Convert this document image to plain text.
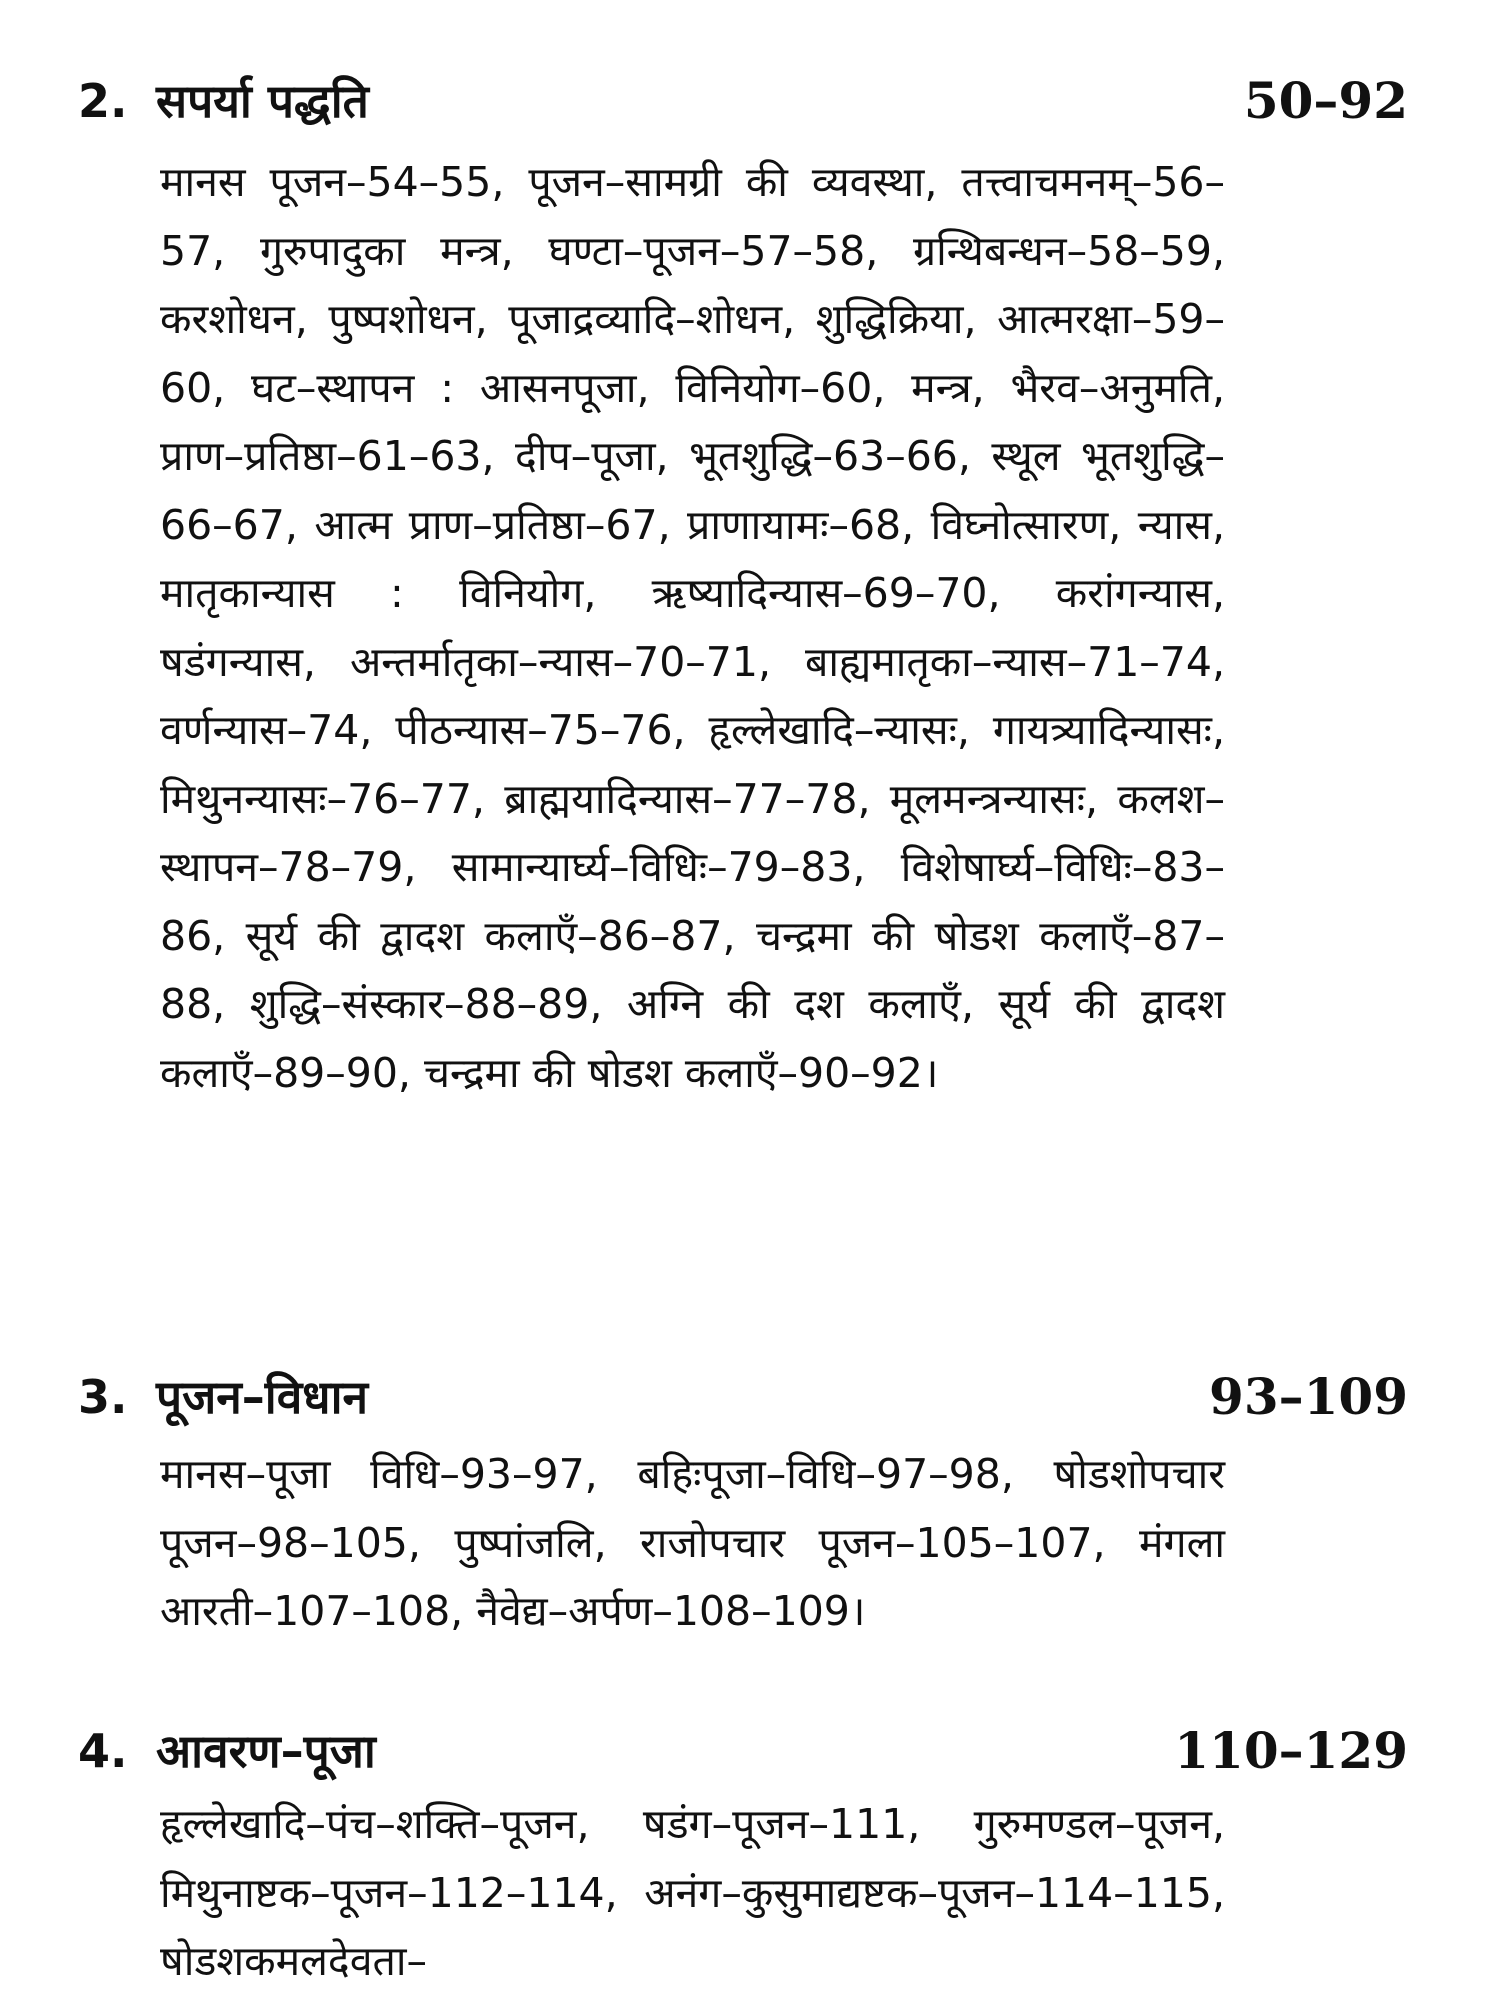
2. सपर्या पद्धति	50–92

मानस पूजन–54–55, पूजन–सामग्री की व्यवस्था, तत्त्वाचमनम्–56–57, गुरुपादुका मन्त्र, घण्टा–पूजन–57–58, ग्रन्थिबन्धन–58–59, करशोधन, पुष्पशोधन, पूजाद्रव्यादि–शोधन, शुद्धिक्रिया, आत्मरक्षा–59–60, घट–स्थापन : आसनपूजा, विनियोग–60, मन्त्र, भैरव–अनुमति, प्राण–प्रतिष्ठा–61–63, दीप–पूजा, भूतशुद्धि–63–66, स्थूल भूतशुद्धि–66–67, आत्म प्राण–प्रतिष्ठा–67, प्राणायामः–68, विघ्नोत्सारण, न्यास, मातृकान्यास : विनियोग, ऋष्यादिन्यास–69–70, करांगन्यास, षडंगन्यास, अन्तर्मातृका–न्यास–70–71, बाह्यमातृका–न्यास–71–74, वर्णन्यास–74, पीठन्यास–75–76, हृल्लेखादि–न्यासः, गायत्र्यादिन्यासः, मिथुनन्यासः–76–77, ब्राह्मयादिन्यास–77–78, मूलमन्त्रन्यासः, कलश–स्थापन–78–79, सामान्यार्घ्य–विधिः–79–83, विशेषार्घ्य–विधिः–83–86, सूर्य की द्वादश कलाएँ–86–87, चन्द्रमा की षोडश कलाएँ–87–88, शुद्धि–संस्कार–88–89, अग्नि की दश कलाएँ, सूर्य की द्वादश कलाएँ–89–90, चन्द्रमा की षोडश कलाएँ–90–92।

3. पूजन–विधान	93–109

मानस–पूजा विधि–93–97, बहिःपूजा–विधि–97–98, षोडशोपचार पूजन–98–105, पुष्पांजलि, राजोपचार पूजन–105–107, मंगला आरती–107–108, नैवेद्य–अर्पण–108–109।

4. आवरण–पूजा	110–129

हृल्लेखादि–पंच–शक्ति–पूजन, षडंग–पूजन–111, गुरुमण्डल–पूजन, मिथुनाष्टक–पूजन–112–114, अनंग–कुसुमाद्यष्टक–पूजन–114–115, षोडशकमलदेवता–
